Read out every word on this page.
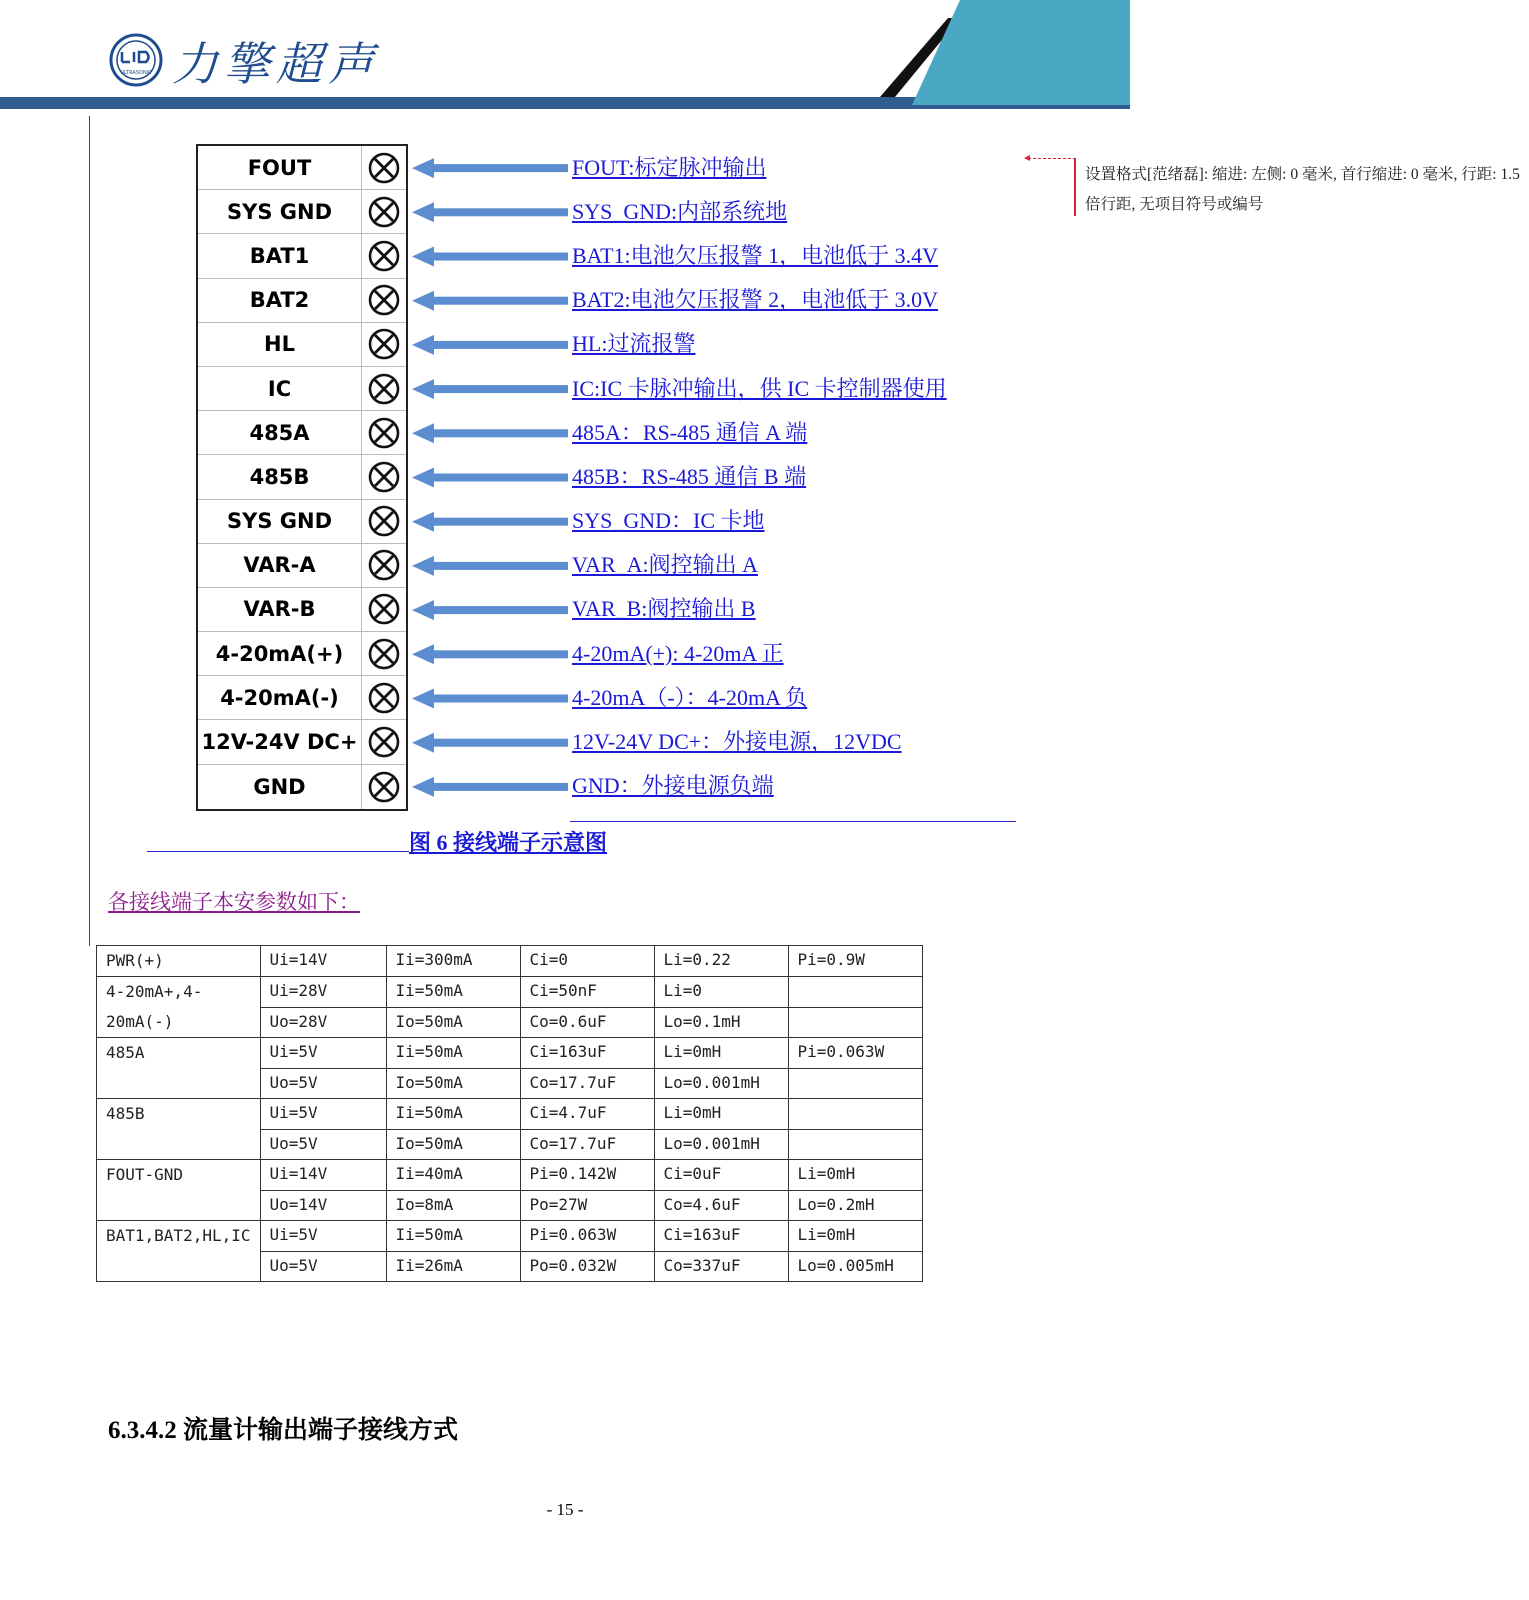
ULTRASONIC 力擎超声
FOUT
SYS GND
BAT1
BAT2
HL
IC
485A
485B
SYS GND
VAR-A
VAR-B
4-20mA(+)
4-20mA(-)
12V-24V DC+
GND
FOUT:标定脉冲输出
SYS_GND:内部系统地
BAT1:电池欠压报警 1，电池低于 3.4V
BAT2:电池欠压报警 2，电池低于 3.0V
HL:过流报警
IC:IC 卡脉冲输出，供 IC 卡控制器使用
485A：RS-485 通信 A 端
485B：RS-485 通信 B 端
SYS_GND：IC 卡地
VAR_A:阀控输出 A
VAR_B:阀控输出 B
4-20mA(+): 4-20mA 正
4-20mA（-）：4-20mA 负
12V-24V DC+：外接电源，12VDC
GND：外接电源负端
图 6 接线端子示意图
各接线端子本安参数如下：
设置格式[范绪磊]: 缩进: 左侧: 0 毫米, 首行缩进: 0 毫米, 行距: 1.5 倍行距, 无项目符号或编号
PWR(+)	Ui=14V	Ii=300mA	Ci=0	Li=0.22	Pi=0.9W
4-20mA+,4-20mA(-)	Ui=28V	Ii=50mA	Ci=50nF	Li=0	
	Uo=28V	Io=50mA	Co=0.6uF	Lo=0.1mH	
485A	Ui=5V	Ii=50mA	Ci=163uF	Li=0mH	Pi=0.063W
	Uo=5V	Io=50mA	Co=17.7uF	Lo=0.001mH	
485B	Ui=5V	Ii=50mA	Ci=4.7uF	Li=0mH	
	Uo=5V	Io=50mA	Co=17.7uF	Lo=0.001mH	
FOUT-GND	Ui=14V	Ii=40mA	Pi=0.142W	Ci=0uF	Li=0mH
	Uo=14V	Io=8mA	Po=27W	Co=4.6uF	Lo=0.2mH
BAT1,BAT2,HL,IC	Ui=5V	Ii=50mA	Pi=0.063W	Ci=163uF	Li=0mH
	Uo=5V	Ii=26mA	Po=0.032W	Co=337uF	Lo=0.005mH
6.3.4.2 流量计输出端子接线方式
- 15 -
